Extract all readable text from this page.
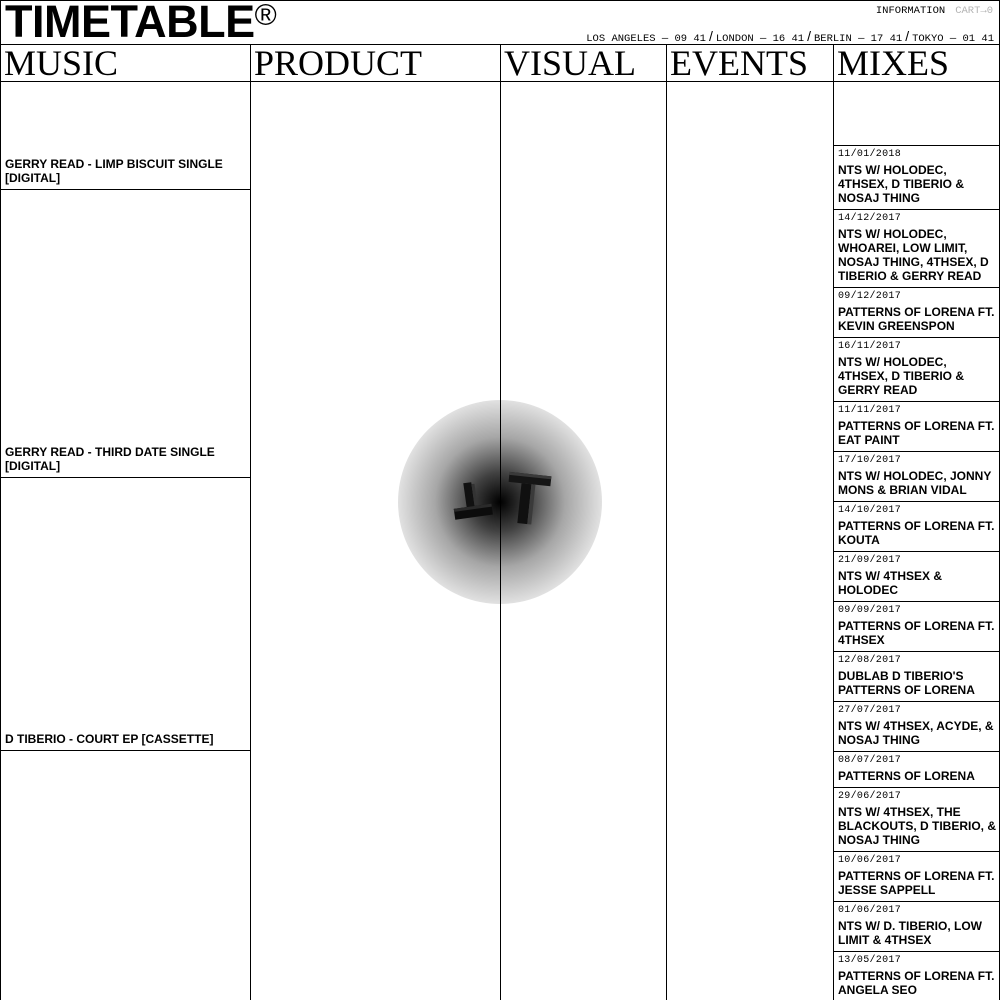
TIMETABLE®	INFORMATION CART→0
LOS ANGELES — 09 41 / LONDON — 16 41 / BERLIN — 17 41 / TOKYO — 01 41
MUSIC
GERRY READ - LIMP BISCUIT SINGLE [DIGITAL]
GERRY READ - THIRD DATE SINGLE [DIGITAL]
D TIBERIO - COURT EP [CASSETTE]
PRODUCT	VISUAL EVENTS MIXES
11/01/2018
NTS W/ HOLODEC, 4THSEX, D TIBERIO & NOSAJ THING
14/12/2017
NTS W/ HOLODEC, WHOAREI, LOW LIMIT, NOSAJ THING, 4THSEX, D TIBERIO & GERRY READ
09/12/2017
PATTERNS OF LORENA FT. KEVIN GREENSPON
16/11/2017
NTS W/ HOLODEC, 4THSEX, D TIBERIO & GERRY READ
11/11/2017
PATTERNS OF LORENA FT. EAT PAINT
17/10/2017
NTS W/ HOLODEC, JONNY MONS & BRIAN VIDAL
14/10/2017
PATTERNS OF LORENA FT. KOUTA
21/09/2017
NTS W/ 4THSEX & HOLODEC
09/09/2017
PATTERNS OF LORENA FT. 4THSEX
12/08/2017
DUBLAB D TIBERIO'S PATTERNS OF LORENA
27/07/2017
NTS W/ 4THSEX, ACYDE, & NOSAJ THING
08/07/2017
PATTERNS OF LORENA
29/06/2017
NTS W/ 4THSEX, THE BLACKOUTS, D TIBERIO, & NOSAJ THING
10/06/2017
PATTERNS OF LORENA FT. JESSE SAPPELL
01/06/2017
NTS W/ D. TIBERIO, LOW LIMIT & 4THSEX
13/05/2017
PATTERNS OF LORENA FT. ANGELA SEO
